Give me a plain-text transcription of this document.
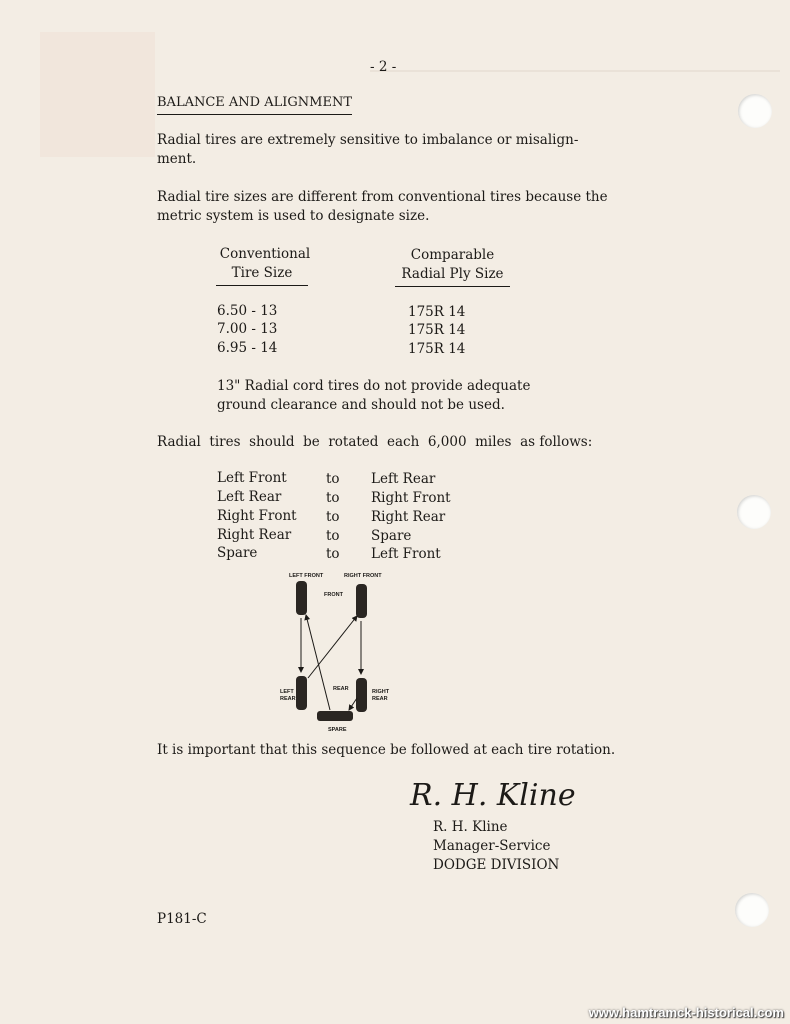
- 2 -

BALANCE AND ALIGNMENT

Radial tires are extremely sensitive to imbalance or misalign-

ment.

Radial tire sizes are different from conventional tires because the

metric system is used to designate size.

Conventional

Tire Size

Comparable

Radial Ply Size

6.50 - 13	175R 14

7.00 - 13	175R 14

6.95 - 14	175R 14

13" Radial cord tires do not provide adequate

ground clearance and should not be used.

Radial  tires  should  be  rotated  each  6,000  miles  as follows:

Left Front	to Left Rear

Left Rear	to Right Front

Right Front to Right Rear

Right Rear	to Spare

Spare	to Left Front

LEFT FRONT	RIGHT FRONT
FRONT
LEFT
REAR
REAR	RIGHT
REAR
SPARE

It is important that this sequence be followed at each tire rotation.

R. H. Kline

R. H. Kline

Manager-Service

DODGE DIVISION

P181-C

www.hamtramck-historical.com
